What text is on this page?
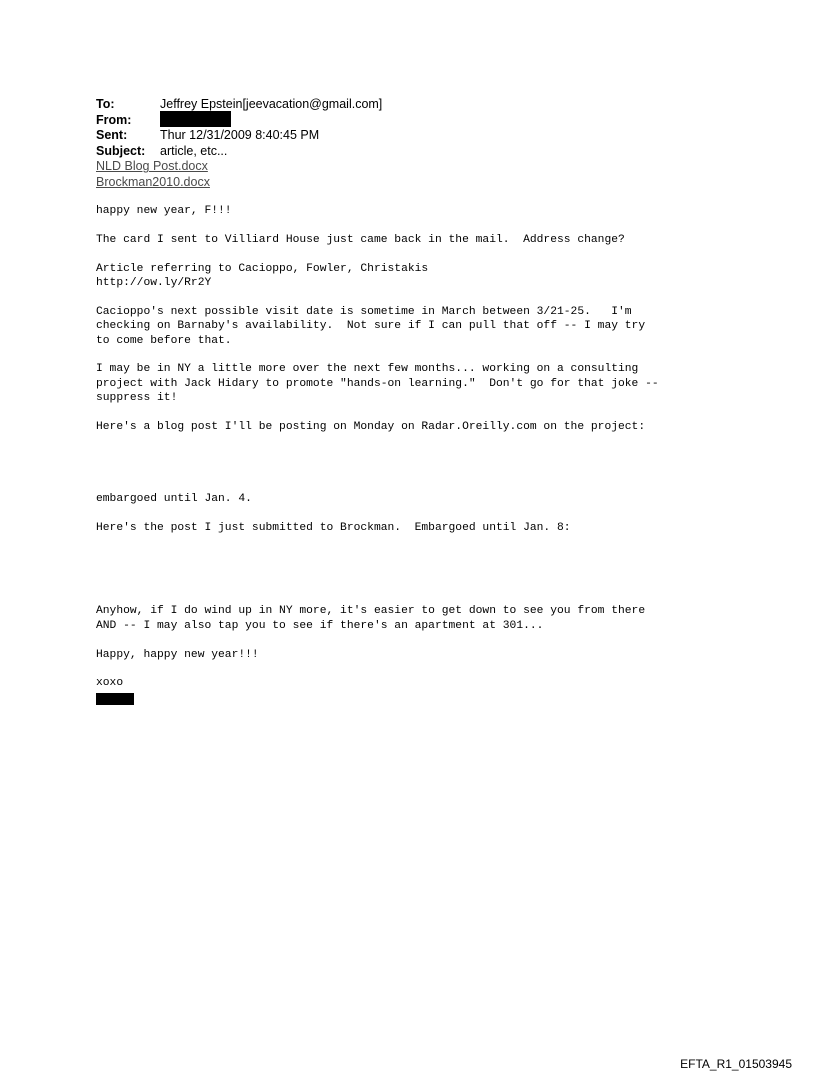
To:	Jeffrey Epstein[jeevacation@gmail.com]
From:
Sent:	Thur 12/31/2009 8:40:45 PM
Subject:	article, etc...
NLD Blog Post.docx
Brockman2010.docx
happy new year, F!!!
The card I sent to Villiard House just came back in the mail.  Address change?
Article referring to Cacioppo, Fowler, Christakis
http://ow.ly/Rr2Y
Cacioppo's next possible visit date is sometime in March between 3/21-25.   I'm
checking on Barnaby's availability.  Not sure if I can pull that off -- I may try
to come before that.
I may be in NY a little more over the next few months... working on a consulting
project with Jack Hidary to promote "hands-on learning."  Don't go for that joke --
suppress it!
Here's a blog post I'll be posting on Monday on Radar.Oreilly.com on the project:
embargoed until Jan. 4.
Here's the post I just submitted to Brockman.  Embargoed until Jan. 8:
Anyhow, if I do wind up in NY more, it's easier to get down to see you from there
AND -- I may also tap you to see if there's an apartment at 301...
Happy, happy new year!!!
xoxo
EFTA_R1_01503945
